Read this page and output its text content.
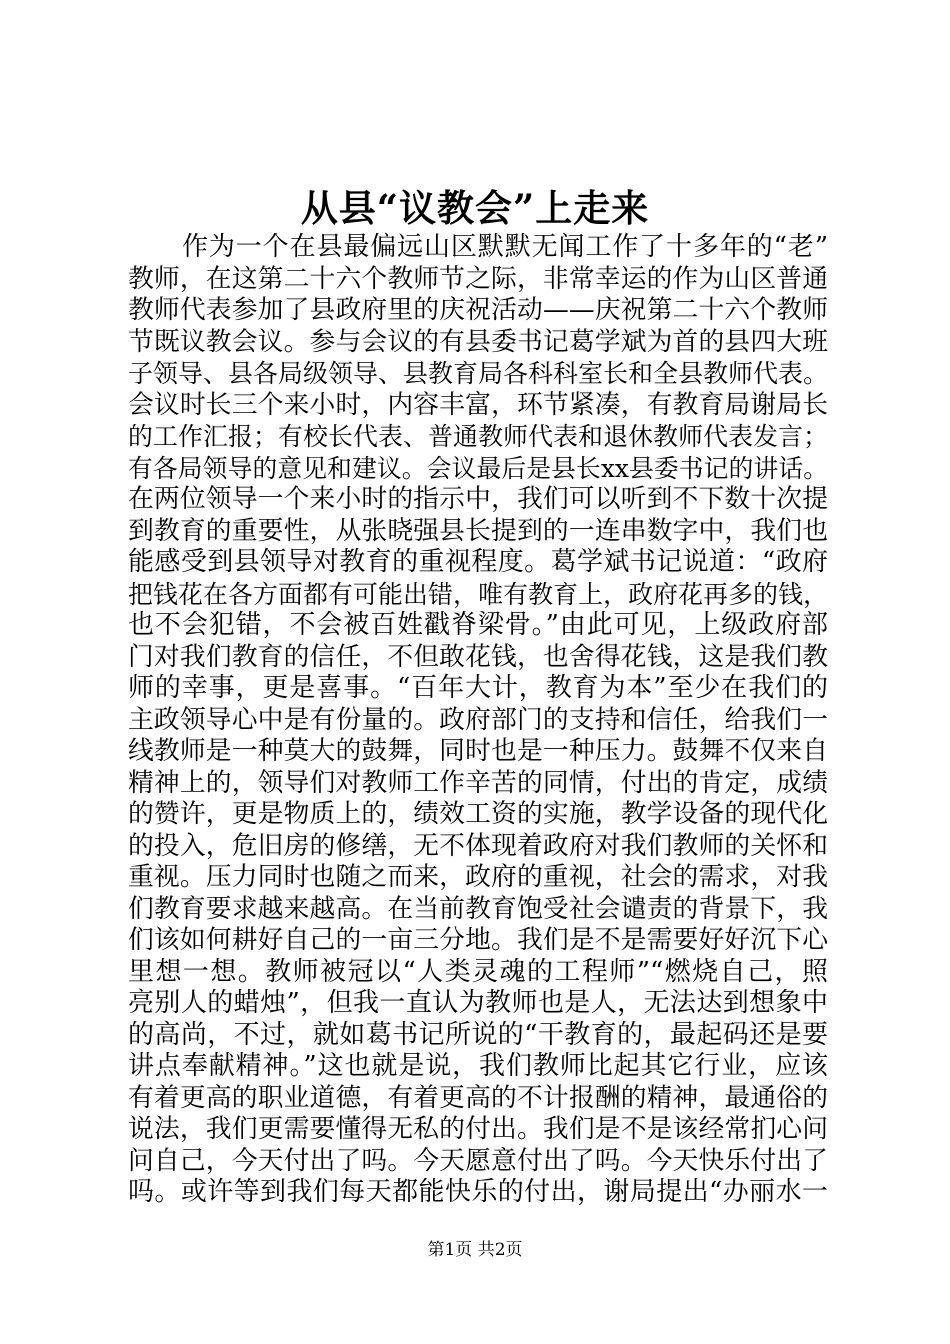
从县“议教会”上走来
作为一个在县最偏远山区默默无闻工作了十多年的“老”
教师，在这第二十六个教师节之际，非常幸运的作为山区普通
教师代表参加了县政府里的庆祝活动——庆祝第二十六个教师
节既议教会议。参与会议的有县委书记葛学斌为首的县四大班
子领导、县各局级领导、县教育局各科科室长和全县教师代表。
会议时长三个来小时，内容丰富，环节紧凑，有教育局谢局长
的工作汇报；有校长代表、普通教师代表和退休教师代表发言；
有各局领导的意见和建议。会议最后是县长xx县委书记的讲话。
在两位领导一个来小时的指示中，我们可以听到不下数十次提
到教育的重要性，从张晓强县长提到的一连串数字中，我们也
能感受到县领导对教育的重视程度。葛学斌书记说道：“政府
把钱花在各方面都有可能出错，唯有教育上，政府花再多的钱，
也不会犯错，不会被百姓戳脊梁骨。”由此可见，上级政府部
门对我们教育的信任，不但敢花钱，也舍得花钱，这是我们教
师的幸事，更是喜事。“百年大计，教育为本”至少在我们的
主政领导心中是有份量的。政府部门的支持和信任，给我们一
线教师是一种莫大的鼓舞，同时也是一种压力。鼓舞不仅来自
精神上的，领导们对教师工作辛苦的同情，付出的肯定，成绩
的赞许，更是物质上的，绩效工资的实施，教学设备的现代化
的投入，危旧房的修缮，无不体现着政府对我们教师的关怀和
重视。压力同时也随之而来，政府的重视，社会的需求，对我
们教育要求越来越高。在当前教育饱受社会谴责的背景下，我
们该如何耕好自己的一亩三分地。我们是不是需要好好沉下心
里想一想。教师被冠以“人类灵魂的工程师”“燃烧自己，照
亮别人的蜡烛”，但我一直认为教师也是人，无法达到想象中
的高尚，不过，就如葛书记所说的“干教育的，最起码还是要
讲点奉献精神。”这也就是说，我们教师比起其它行业，应该
有着更高的职业道德，有着更高的不计报酬的精神，最通俗的
说法，我们更需要懂得无私的付出。我们是不是该经常扪心问
问自己，今天付出了吗。今天愿意付出了吗。今天快乐付出了
吗。或许等到我们每天都能快乐的付出，谢局提出“办丽水一
第1页 共2页
